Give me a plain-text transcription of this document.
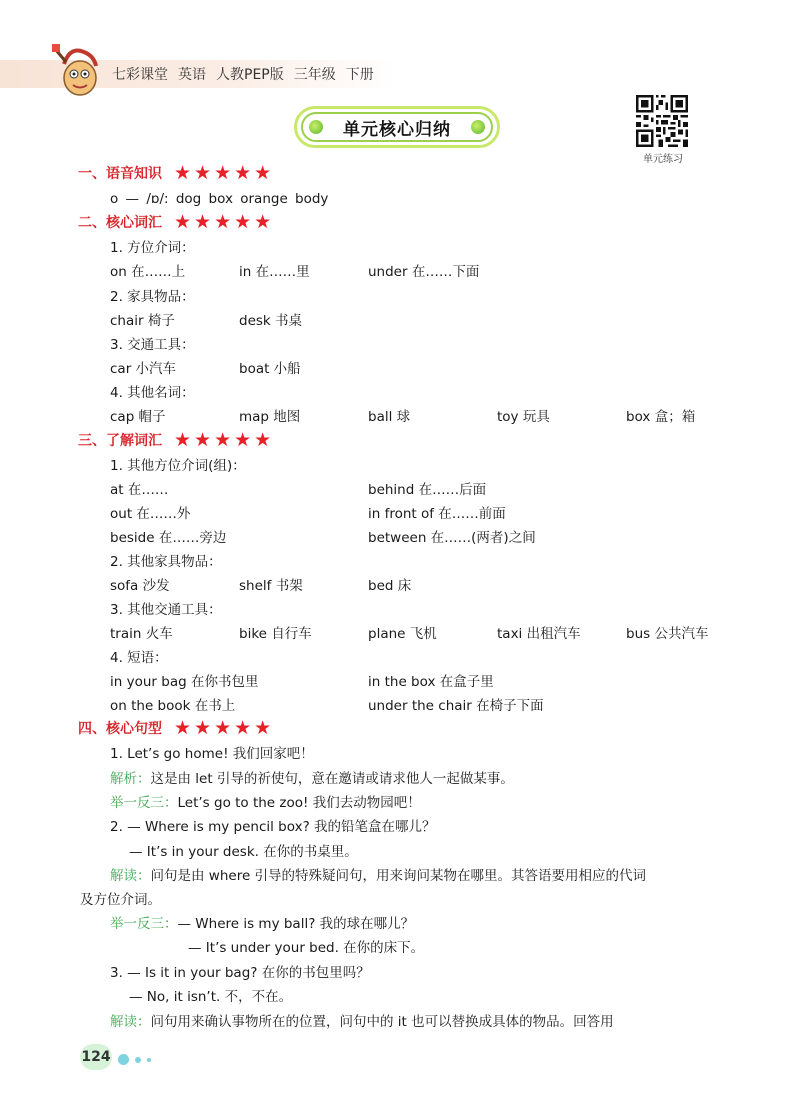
七彩课堂 英语 人教PEP版 三年级 下册
单元核心归纳
单元练习
一、语音知识 ★★★★★
o — /ɒ/: dog box orange body
二、核心词汇 ★★★★★
1. 方位介词：
on 在……上	in 在……里	under 在……下面
2. 家具物品：
chair 椅子	desk 书桌
3. 交通工具：
car 小汽车	boat 小船
4. 其他名词：
cap 帽子	map 地图	ball 球	toy 玩具	box 盒；箱
三、了解词汇 ★★★★★
1. 其他方位介词(组)：
at 在……	behind 在……后面
out 在……外	in front of 在……前面
beside 在……旁边	between 在……(两者)之间
2. 其他家具物品：
sofa 沙发	shelf 书架	bed 床
3. 其他交通工具：
train 火车	bike 自行车	plane 飞机	taxi 出租汽车	bus 公共汽车
4. 短语：
in your bag 在你书包里	in the box 在盒子里
on the book 在书上	under the chair 在椅子下面
四、核心句型 ★★★★★
1. Let’s go home! 我们回家吧！
解析：这是由 let 引导的祈使句，意在邀请或请求他人一起做某事。
举一反三：Let’s go to the zoo! 我们去动物园吧！
2. — Where is my pencil box? 我的铅笔盒在哪儿？
— It’s in your desk. 在你的书桌里。
解读：问句是由 where 引导的特殊疑问句，用来询问某物在哪里。其答语要用相应的代词
及方位介词。
举一反三：— Where is my ball? 我的球在哪儿？
— It’s under your bed. 在你的床下。
3. — Is it in your bag? 在你的书包里吗？
— No, it isn’t. 不，不在。
解读：问句用来确认事物所在的位置，问句中的 it 也可以替换成具体的物品。回答用
124
